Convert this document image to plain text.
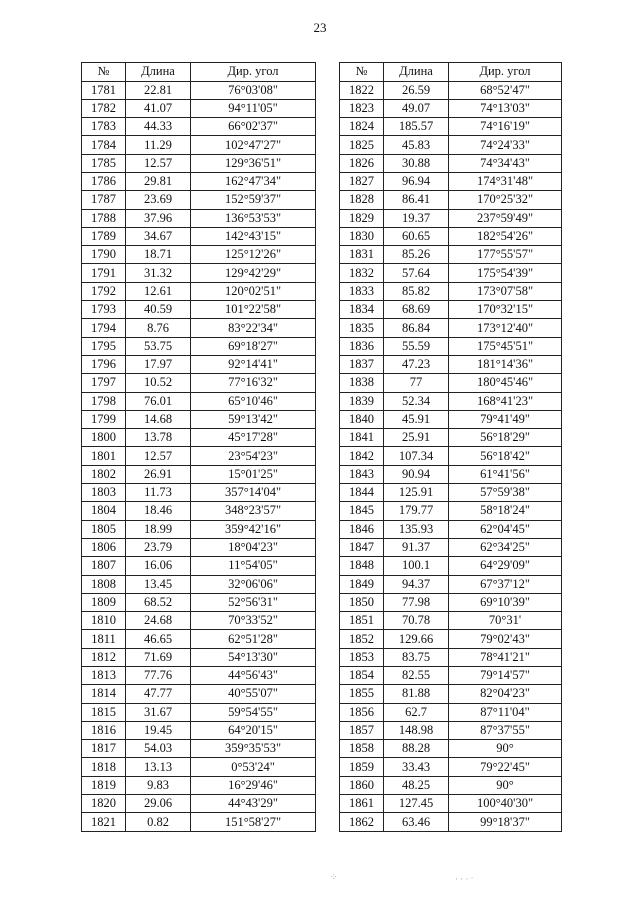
23
№	Длина	Дир. угол
1781	22.81	76°03'08"
1782	41.07	94°11'05"
1783	44.33	66°02'37"
1784	11.29	102°47'27"
1785	12.57	129°36'51"
1786	29.81	162°47'34"
1787	23.69	152°59'37"
1788	37.96	136°53'53"
1789	34.67	142°43'15"
1790	18.71	125°12'26"
1791	31.32	129°42'29"
1792	12.61	120°02'51"
1793	40.59	101°22'58"
1794	8.76	83°22'34"
1795	53.75	69°18'27"
1796	17.97	92°14'41"
1797	10.52	77°16'32"
1798	76.01	65°10'46"
1799	14.68	59°13'42"
1800	13.78	45°17'28"
1801	12.57	23°54'23"
1802	26.91	15°01'25"
1803	11.73	357°14'04"
1804	18.46	348°23'57"
1805	18.99	359°42'16"
1806	23.79	18°04'23"
1807	16.06	11°54'05"
1808	13.45	32°06'06"
1809	68.52	52°56'31"
1810	24.68	70°33'52"
1811	46.65	62°51'28"
1812	71.69	54°13'30"
1813	77.76	44°56'43"
1814	47.77	40°55'07"
1815	31.67	59°54'55"
1816	19.45	64°20'15"
1817	54.03	359°35'53"
1818	13.13	0°53'24"
1819	9.83	16°29'46"
1820	29.06	44°43'29"
1821	0.82	151°58'27"
№	Длина	Дир. угол
1822	26.59	68°52'47"
1823	49.07	74°13'03"
1824	185.57	74°16'19"
1825	45.83	74°24'33"
1826	30.88	74°34'43"
1827	96.94	174°31'48"
1828	86.41	170°25'32"
1829	19.37	237°59'49"
1830	60.65	182°54'26"
1831	85.26	177°55'57"
1832	57.64	175°54'39"
1833	85.82	173°07'58"
1834	68.69	170°32'15"
1835	86.84	173°12'40"
1836	55.59	175°45'51"
1837	47.23	181°14'36"
1838	77	180°45'46"
1839	52.34	168°41'23"
1840	45.91	79°41'49"
1841	25.91	56°18'29"
1842	107.34	56°18'42"
1843	90.94	61°41'56"
1844	125.91	57°59'38"
1845	179.77	58°18'24"
1846	135.93	62°04'45"
1847	91.37	62°34'25"
1848	100.1	64°29'09"
1849	94.37	67°37'12"
1850	77.98	69°10'39"
1851	70.78	70°31'
1852	129.66	79°02'43"
1853	83.75	78°41'21"
1854	82.55	79°14'57"
1855	81.88	82°04'23"
1856	62.7	87°11'04"
1857	148.98	87°37'55"
1858	88.28	90°
1859	33.43	79°22'45"
1860	48.25	90°
1861	127.45	100°40'30"
1862	63.46	99°18'37"
⁘	· · · ˑ
